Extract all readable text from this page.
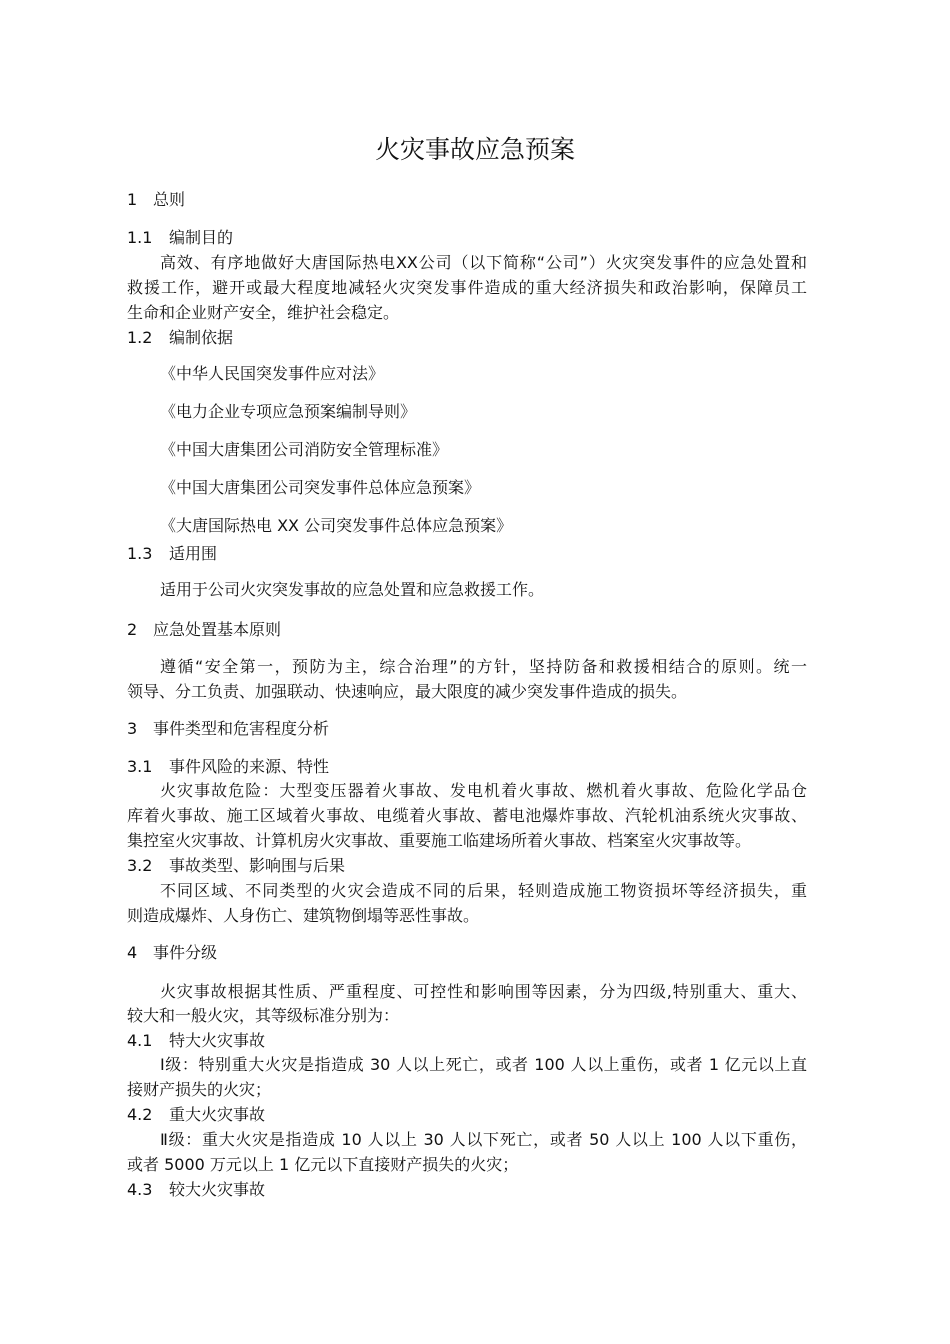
火灾事故应急预案
1 总则
1.1 编制目的
高效、有序地做好大唐国际热电XX公司（以下简称“公司”）火灾突发事件的应急处置和
救援工作，避开或最大程度地减轻火灾突发事件造成的重大经济损失和政治影响，保障员工
生命和企业财产安全，维护社会稳定。
1.2 编制依据
《中华人民国突发事件应对法》
《电力企业专项应急预案编制导则》
《中国大唐集团公司消防安全管理标准》
《中国大唐集团公司突发事件总体应急预案》
《大唐国际热电 XX 公司突发事件总体应急预案》
1.3 适用围
适用于公司火灾突发事故的应急处置和应急救援工作。
2 应急处置基本原则
遵循“安全第一，预防为主，综合治理”的方针，坚持防备和救援相结合的原则。统一
领导、分工负责、加强联动、快速响应，最大限度的减少突发事件造成的损失。
3 事件类型和危害程度分析
3.1 事件风险的来源、特性
火灾事故危险：大型变压器着火事故、发电机着火事故、燃机着火事故、危险化学品仓
库着火事故、施工区域着火事故、电缆着火事故、蓄电池爆炸事故、汽轮机油系统火灾事故、
集控室火灾事故、计算机房火灾事故、重要施工临建场所着火事故、档案室火灾事故等。
3.2 事故类型、影响围与后果
不同区域、不同类型的火灾会造成不同的后果，轻则造成施工物资损坏等经济损失，重
则造成爆炸、人身伤亡、建筑物倒塌等恶性事故。
4 事件分级
火灾事故根据其性质、严重程度、可控性和影响围等因素，分为四级,特别重大、重大、
较大和一般火灾，其等级标准分别为：
4.1 特大火灾事故
Ⅰ级：特别重大火灾是指造成 30 人以上死亡，或者 100 人以上重伤，或者 1 亿元以上直
接财产损失的火灾；
4.2 重大火灾事故
Ⅱ级：重大火灾是指造成 10 人以上 30 人以下死亡，或者 50 人以上 100 人以下重伤，
或者 5000 万元以上 1 亿元以下直接财产损失的火灾；
4.3 较大火灾事故
